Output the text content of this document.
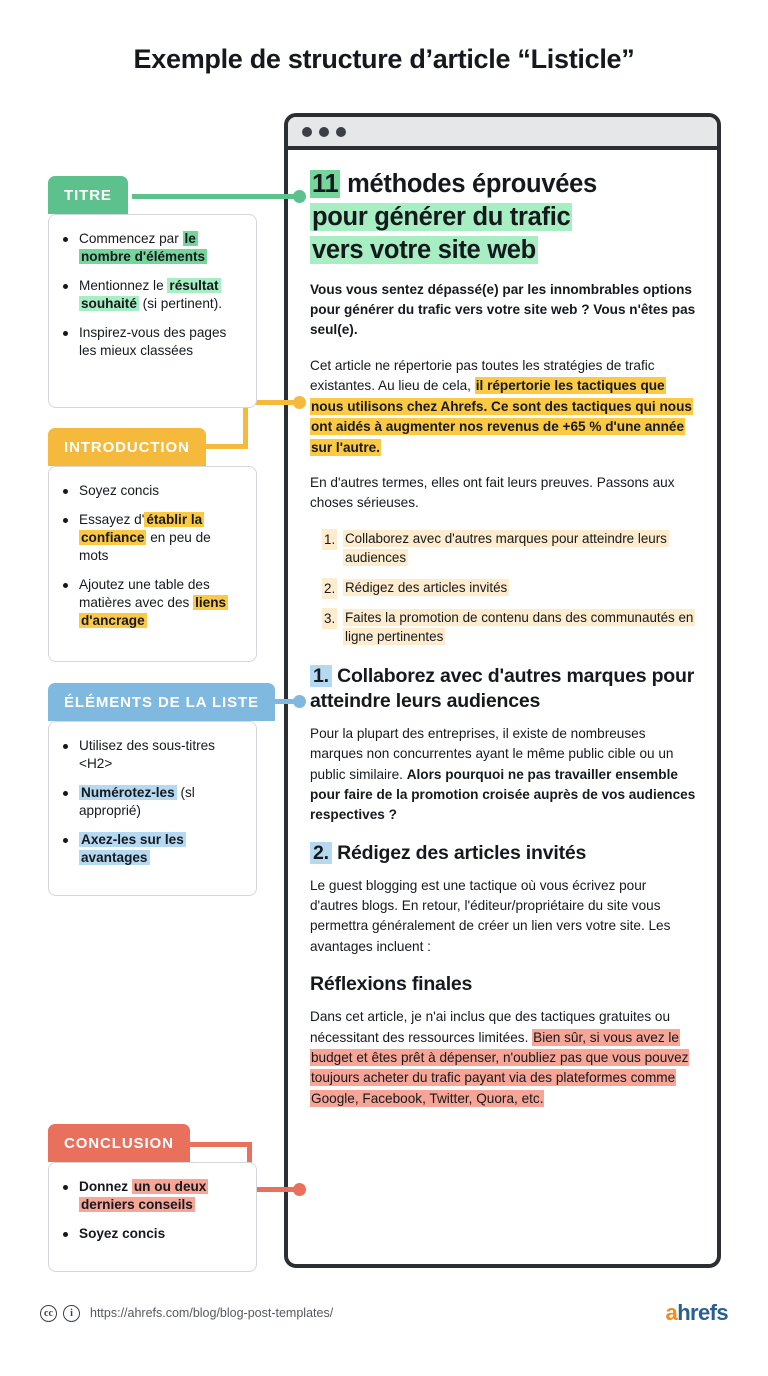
Exemple de structure d’article “Listicle”
TITRE
Commencez par le nombre d'éléments
Mentionnez le résultat souhaité (si pertinent).
Inspirez-vous des pages les mieux classées
INTRODUCTION
Soyez concis
Essayez d' établir la confiance en peu de mots
Ajoutez une table des matières avec des liens d'ancrage
ÉLÉMENTS DE LA LISTE
Utilisez des sous-titres <H2>
Numérotez-les (sl approprié)
Axez-les sur les avantages
CONCLUSION
Donnez un ou deux derniers conseils
Soyez concis
11 méthodes éprouvées
pour générer du trafic
vers votre site web

Vous vous sentez dépassé(e) par les innombrables options pour générer du trafic vers votre site web ? Vous n'êtes pas seul(e).

Cet article ne répertorie pas toutes les stratégies de trafic existantes. Au lieu de cela, il répertorie les tactiques que nous utilisons chez Ahrefs. Ce sont des tactiques qui nous ont aidés à augmenter nos revenus de +65 % d'une année sur l'autre.

En d'autres termes, elles ont fait leurs preuves. Passons aux choses sérieuses.

Collaborez avec d'autres marques pour atteindre leurs audiences
Rédigez des articles invités
Faites la promotion de contenu dans des communautés en ligne pertinentes
1. Collaborez avec d'autres marques pour atteindre leurs audiences

Pour la plupart des entreprises, il existe de nombreuses marques non concurrentes ayant le même public cible ou un public similaire. Alors pourquoi ne pas travailler ensemble pour faire de la promotion croisée auprès de vos audiences respectives ?

2. Rédigez des articles invités

Le guest blogging est une tactique où vous écrivez pour d'autres blogs. En retour, l'éditeur/propriétaire du site vous permettra généralement de créer un lien vers votre site. Les avantages incluent :

Réflexions finales

Dans cet article, je n'ai inclus que des tactiques gratuites ou nécessitant des ressources limitées. Bien sûr, si vous avez le budget et êtes prêt à dépenser, n'oubliez pas que vous pouvez toujours acheter du trafic payant via des plateformes comme Google, Facebook, Twitter, Quora, etc.

cc	i	https://ahrefs.com/blog/blog-post-templates/	ahrefs
